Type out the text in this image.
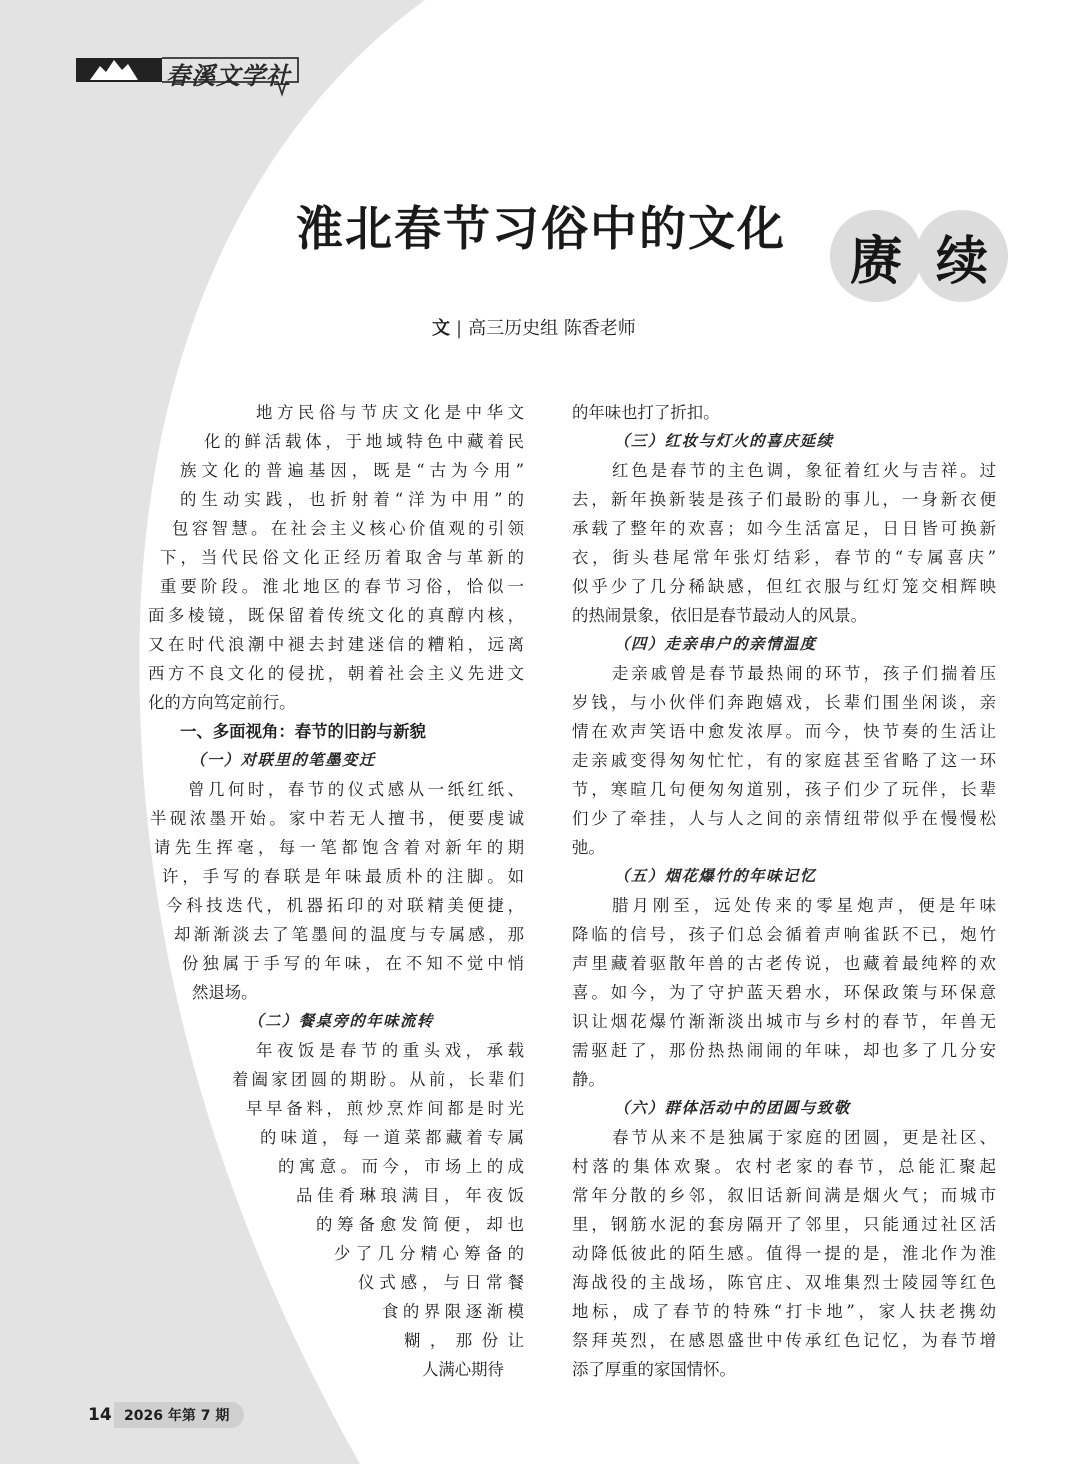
春溪文学社
淮北春节习俗中的文化
赓 续
文 | 高三历史组 陈香老师
地方民俗与节庆文化是中华文
化的鲜活载体，于地域特色中藏着民
族文化的普遍基因，既是“古为今用”
的生动实践，也折射着“洋为中用”的
包容智慧。在社会主义核心价值观的引领
下，当代民俗文化正经历着取舍与革新的
重要阶段。淮北地区的春节习俗，恰似一
面多棱镜，既保留着传统文化的真醇内核，
又在时代浪潮中褪去封建迷信的糟粕，远离
西方不良文化的侵扰，朝着社会主义先进文
化的方向笃定前行。
一、多面视角：春节的旧韵与新貌
（一）对联里的笔墨变迁
曾几何时，春节的仪式感从一纸红纸、
半砚浓墨开始。家中若无人擅书，便要虔诚
请先生挥毫，每一笔都饱含着对新年的期
许，手写的春联是年味最质朴的注脚。如
今科技迭代，机器拓印的对联精美便捷，
却渐渐淡去了笔墨间的温度与专属感，那
份独属于手写的年味，在不知不觉中悄
然退场。
（二）餐桌旁的年味流转
年夜饭是春节的重头戏，承载
着阖家团圆的期盼。从前，长辈们
早早备料，煎炒烹炸间都是时光
的味道，每一道菜都藏着专属
的寓意。而今，市场上的成
品佳肴琳琅满目，年夜饭
的筹备愈发简便，却也
少了几分精心筹备的
仪式感，与日常餐
食的界限逐渐模
糊，那份让
人满心期待
的年味也打了折扣。
（三）红妆与灯火的喜庆延续
红色是春节的主色调，象征着红火与吉祥。过
去，新年换新装是孩子们最盼的事儿，一身新衣便
承载了整年的欢喜；如今生活富足，日日皆可换新
衣，街头巷尾常年张灯结彩，春节的“专属喜庆”
似乎少了几分稀缺感，但红衣服与红灯笼交相辉映
的热闹景象，依旧是春节最动人的风景。
（四）走亲串户的亲情温度
走亲戚曾是春节最热闹的环节，孩子们揣着压
岁钱，与小伙伴们奔跑嬉戏，长辈们围坐闲谈，亲
情在欢声笑语中愈发浓厚。而今，快节奏的生活让
走亲戚变得匆匆忙忙，有的家庭甚至省略了这一环
节，寒暄几句便匆匆道别，孩子们少了玩伴，长辈
们少了牵挂，人与人之间的亲情纽带似乎在慢慢松
弛。
（五）烟花爆竹的年味记忆
腊月刚至，远处传来的零星炮声，便是年味
降临的信号，孩子们总会循着声响雀跃不已，炮竹
声里藏着驱散年兽的古老传说，也藏着最纯粹的欢
喜。如今，为了守护蓝天碧水，环保政策与环保意
识让烟花爆竹渐渐淡出城市与乡村的春节，年兽无
需驱赶了，那份热热闹闹的年味，却也多了几分安
静。
（六）群体活动中的团圆与致敬
春节从来不是独属于家庭的团圆，更是社区、
村落的集体欢聚。农村老家的春节，总能汇聚起
常年分散的乡邻，叙旧话新间满是烟火气；而城市
里，钢筋水泥的套房隔开了邻里，只能通过社区活
动降低彼此的陌生感。值得一提的是，淮北作为淮
海战役的主战场，陈官庄、双堆集烈士陵园等红色
地标，成了春节的特殊“打卡地”，家人扶老携幼
祭拜英烈，在感恩盛世中传承红色记忆，为春节增
添了厚重的家国情怀。
14 2026 年第 7 期
